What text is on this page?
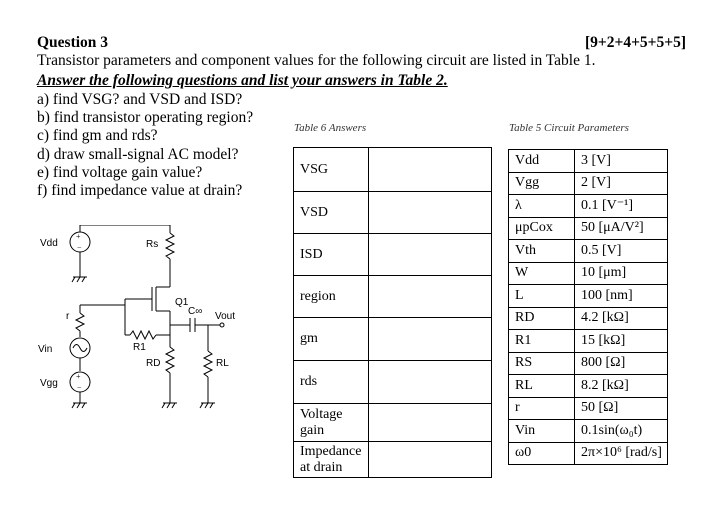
Question 3	[9+2+4+5+5+5]
Transistor parameters and component values for the following circuit are listed in Table 1.
Answer the following questions and list your answers in Table 2.
a) find VSG? and VSD and ISD?
b) find transistor operating region?
c) find gm and rds?
d) draw small-signal AC model?
e) find voltage gain value?
f) find impedance value at drain?
Table 6 Answers	Table 5 Circuit Parameters
VSG	
VSD	
ISD	
region	
gm	
rds	
Voltage gain	
Impedance at drain	
Vdd	3 [V]
Vgg	2 [V]
λ	0.1 [V⁻¹]
μpCox	50 [μA/V²]
Vth	0.5 [V]
W	10 [μm]
L	100 [nm]
RD	4.2 [kΩ]
R1	15 [kΩ]
RS	800 [Ω]
RL	8.2 [kΩ]
r	50 [Ω]
Vin	0.1sin(ω₀t)
ω0	2π×10⁶ [rad/s]
+
−
+
−
Vdd	Rs
Q1
C∞ Vout
r
Vin	R1
RD	RL
Vgg
